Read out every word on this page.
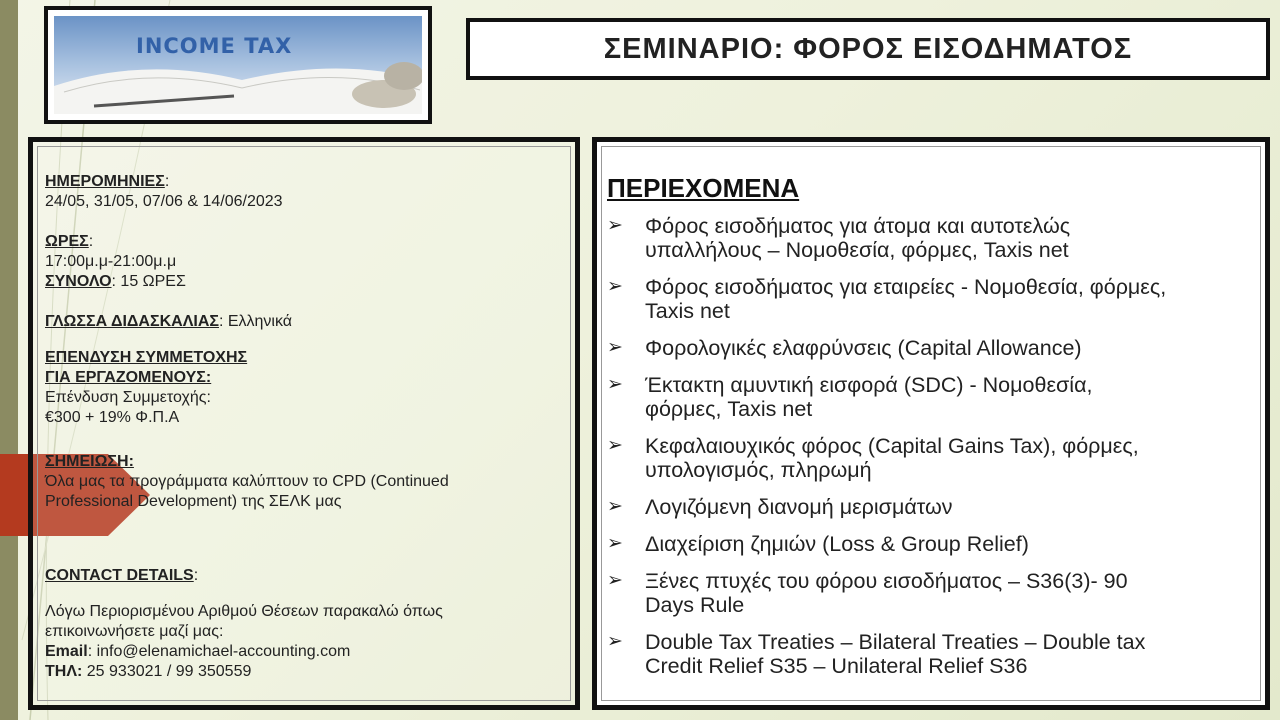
INCOME TAX	ΣΕΜΙΝΑΡΙΟ: ΦΟΡΟΣ ΕΙΣΟΔΗΜΑΤΟΣ
ΗΜΕΡΟΜΗΝΙΕΣ:
24/05, 31/05, 07/06 & 14/06/2023
ΩΡΕΣ:
17:00μ.μ-21:00μ.μ
ΣΥΝΟΛΟ: 15 ΩΡΕΣ
ΓΛΩΣΣΑ ΔΙΔΑΣΚΑΛΙΑΣ: Ελληνικά
ΕΠΕΝΔΥΣΗ ΣΥΜΜΕΤΟΧΗΣ
ΓΙΑ ΕΡΓΑΖΟΜΕΝΟΥΣ:
Επένδυση Συμμετοχής:
€300 + 19% Φ.Π.Α
ΣΗΜΕΙΩΣΗ:
Όλα μας τα προγράμματα καλύπτουν το CPD (Continued
Professional Development) της ΣΕΛΚ μας
CONTACT DETAILS:
Λόγω Περιορισμένου Αριθμού Θέσεων παρακαλώ όπως
επικοινωνήσετε μαζί μας:
Email: info@elenamichael-accounting.com
ΤΗΛ: 25 933021 / 99 350559
ΠΕΡΙΕΧΟΜΕΝΑ
➢ Φόρος εισοδήματος για άτομα και αυτοτελώς
υπαλλήλους – Νομοθεσία, φόρμες, Taxis net
➢ Φόρος εισοδήματος για εταιρείες - Νομοθεσία, φόρμες,
Taxis net
➢ Φορολογικές ελαφρύνσεις (Capital Allowance)
➢ Έκτακτη αμυντική εισφορά (SDC) - Νομοθεσία,
φόρμες, Taxis net
➢ Κεφαλαιουχικός φόρος (Capital Gains Tax), φόρμες,
υπολογισμός, πληρωμή
➢ Λογιζόμενη διανομή μερισμάτων
➢ Διαχείριση ζημιών (Loss & Group Relief)
➢ Ξένες πτυχές του φόρου εισοδήματος – S36(3)- 90
Days Rule
➢ Double Tax Treaties – Bilateral Treaties – Double tax
Credit Relief S35 – Unilateral Relief S36
